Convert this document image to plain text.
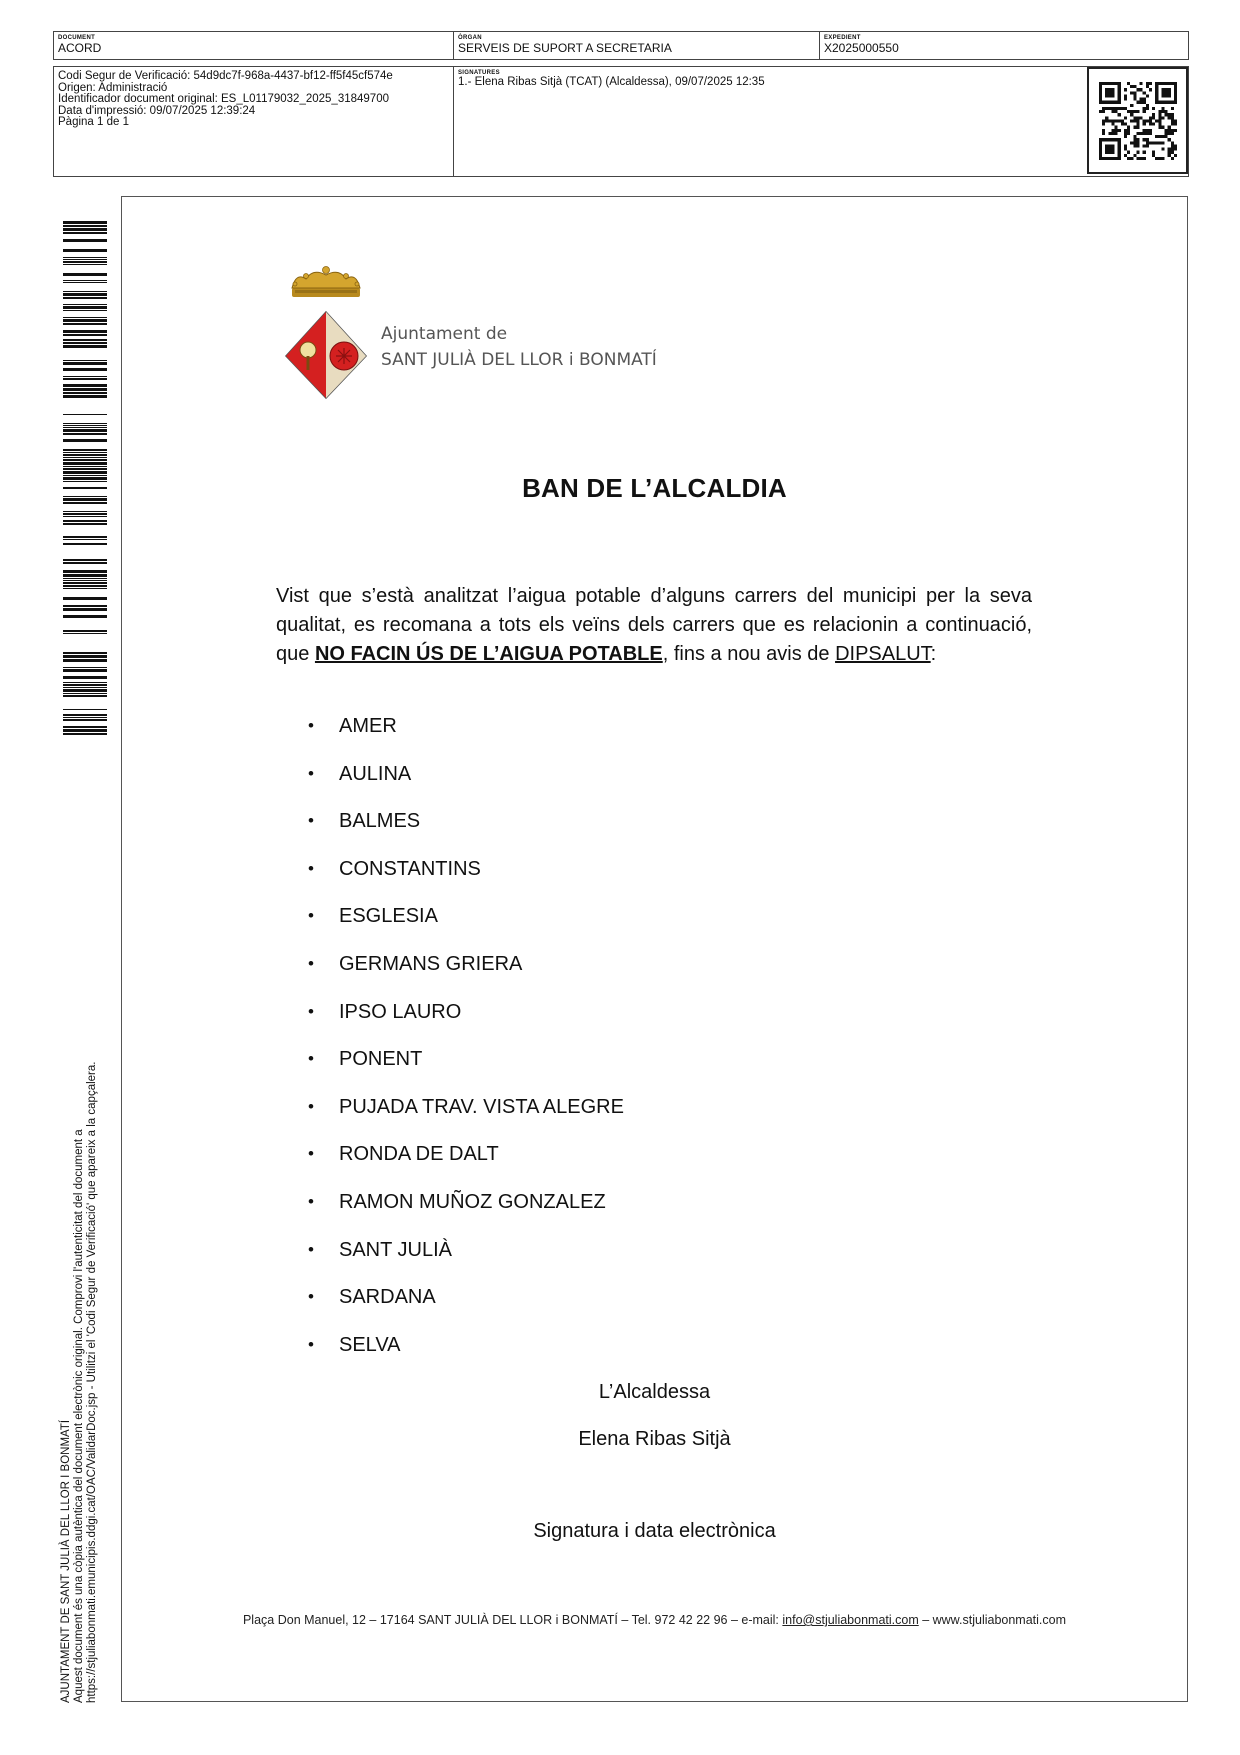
DOCUMENT
ACORD
ÒRGAN
SERVEIS DE SUPORT A SECRETARIA
EXPEDIENT
X2025000550
Codi Segur de Verificació: 54d9dc7f-968a-4437-bf12-ff5f45cf574e
Origen: Administració
Identificador document original: ES_L01179032_2025_31849700
Data d'impressió: 09/07/2025 12:39:24
Pàgina 1 de 1
SIGNATURES
1.- Elena Ribas Sitjà (TCAT) (Alcaldessa), 09/07/2025 12:35
AJUNTAMENT DE SANT JULIÀ DEL LLOR I BONMATÍ Aquest document és una còpia autèntica del document electrònic original. Comprovi l'autenticitat del document a https://stjuliabonmati.emunicipis.ddgi.cat/OAC/ValidarDoc.jsp - Utilitzi el 'Codi Segur de Verificació' que apareix a la capçalera.
Ajuntament de
SANT JULIÀ DEL LLOR i BONMATÍ
BAN DE L’ALCALDIA

Vist que s’està analitzat l’aigua potable d’alguns carrers del municipi per la seva qualitat, es recomana a tots els veïns dels carrers que es relacionin a continuació, que NO FACIN ÚS DE L’AIGUA POTABLE, fins a nou avis de DIPSALUT:

• AMER
• AULINA
• BALMES
• CONSTANTINS
• ESGLESIA
• GERMANS GRIERA
• IPSO LAURO
• PONENT
• PUJADA TRAV. VISTA ALEGRE
• RONDA DE DALT
• RAMON MUÑOZ GONZALEZ
• SANT JULIÀ
• SARDANA
• SELVA
L’Alcaldessa
Elena Ribas Sitjà
Signatura i data electrònica
Plaça Don Manuel, 12 – 17164 SANT JULIÀ DEL LLOR i BONMATÍ – Tel. 972 42 22 96 – e-mail: info@stjuliabonmati.com – www.stjuliabonmati.com
